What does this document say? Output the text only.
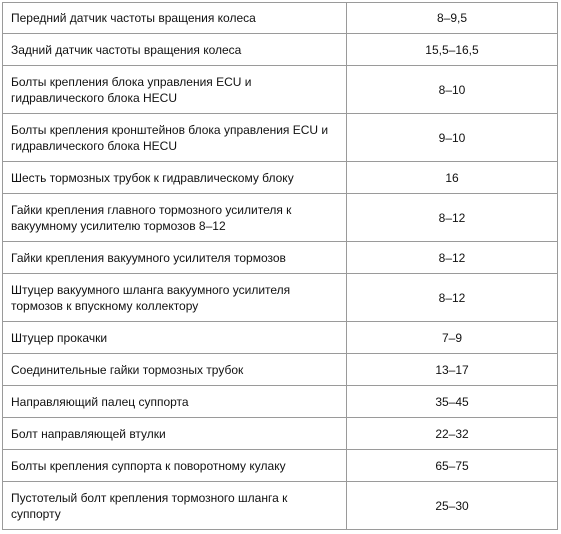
Передний датчик частоты вращения колеса	8–9,5
Задний датчик частоты вращения колеса	15,5–16,5
Болты крепления блока управления ECU и гидравлического блока HECU	8–10
Болты крепления кронштейнов блока управления ECU и гидравлического блока HECU	9–10
Шесть тормозных трубок к гидравлическому блоку	16
Гайки крепления главного тормозного усилителя к вакуумному усилителю тормозов 8–12	8–12
Гайки крепления вакуумного усилителя тормозов	8–12
Штуцер вакуумного шланга вакуумного усилителя тормозов к впускному коллектору	8–12
Штуцер прокачки	7–9
Соединительные гайки тормозных трубок	13–17
Направляющий палец суппорта	35–45
Болт направляющей втулки	22–32
Болты крепления суппорта к поворотному кулаку	65–75
Пустотелый болт крепления тормозного шланга к суппорту	25–30
